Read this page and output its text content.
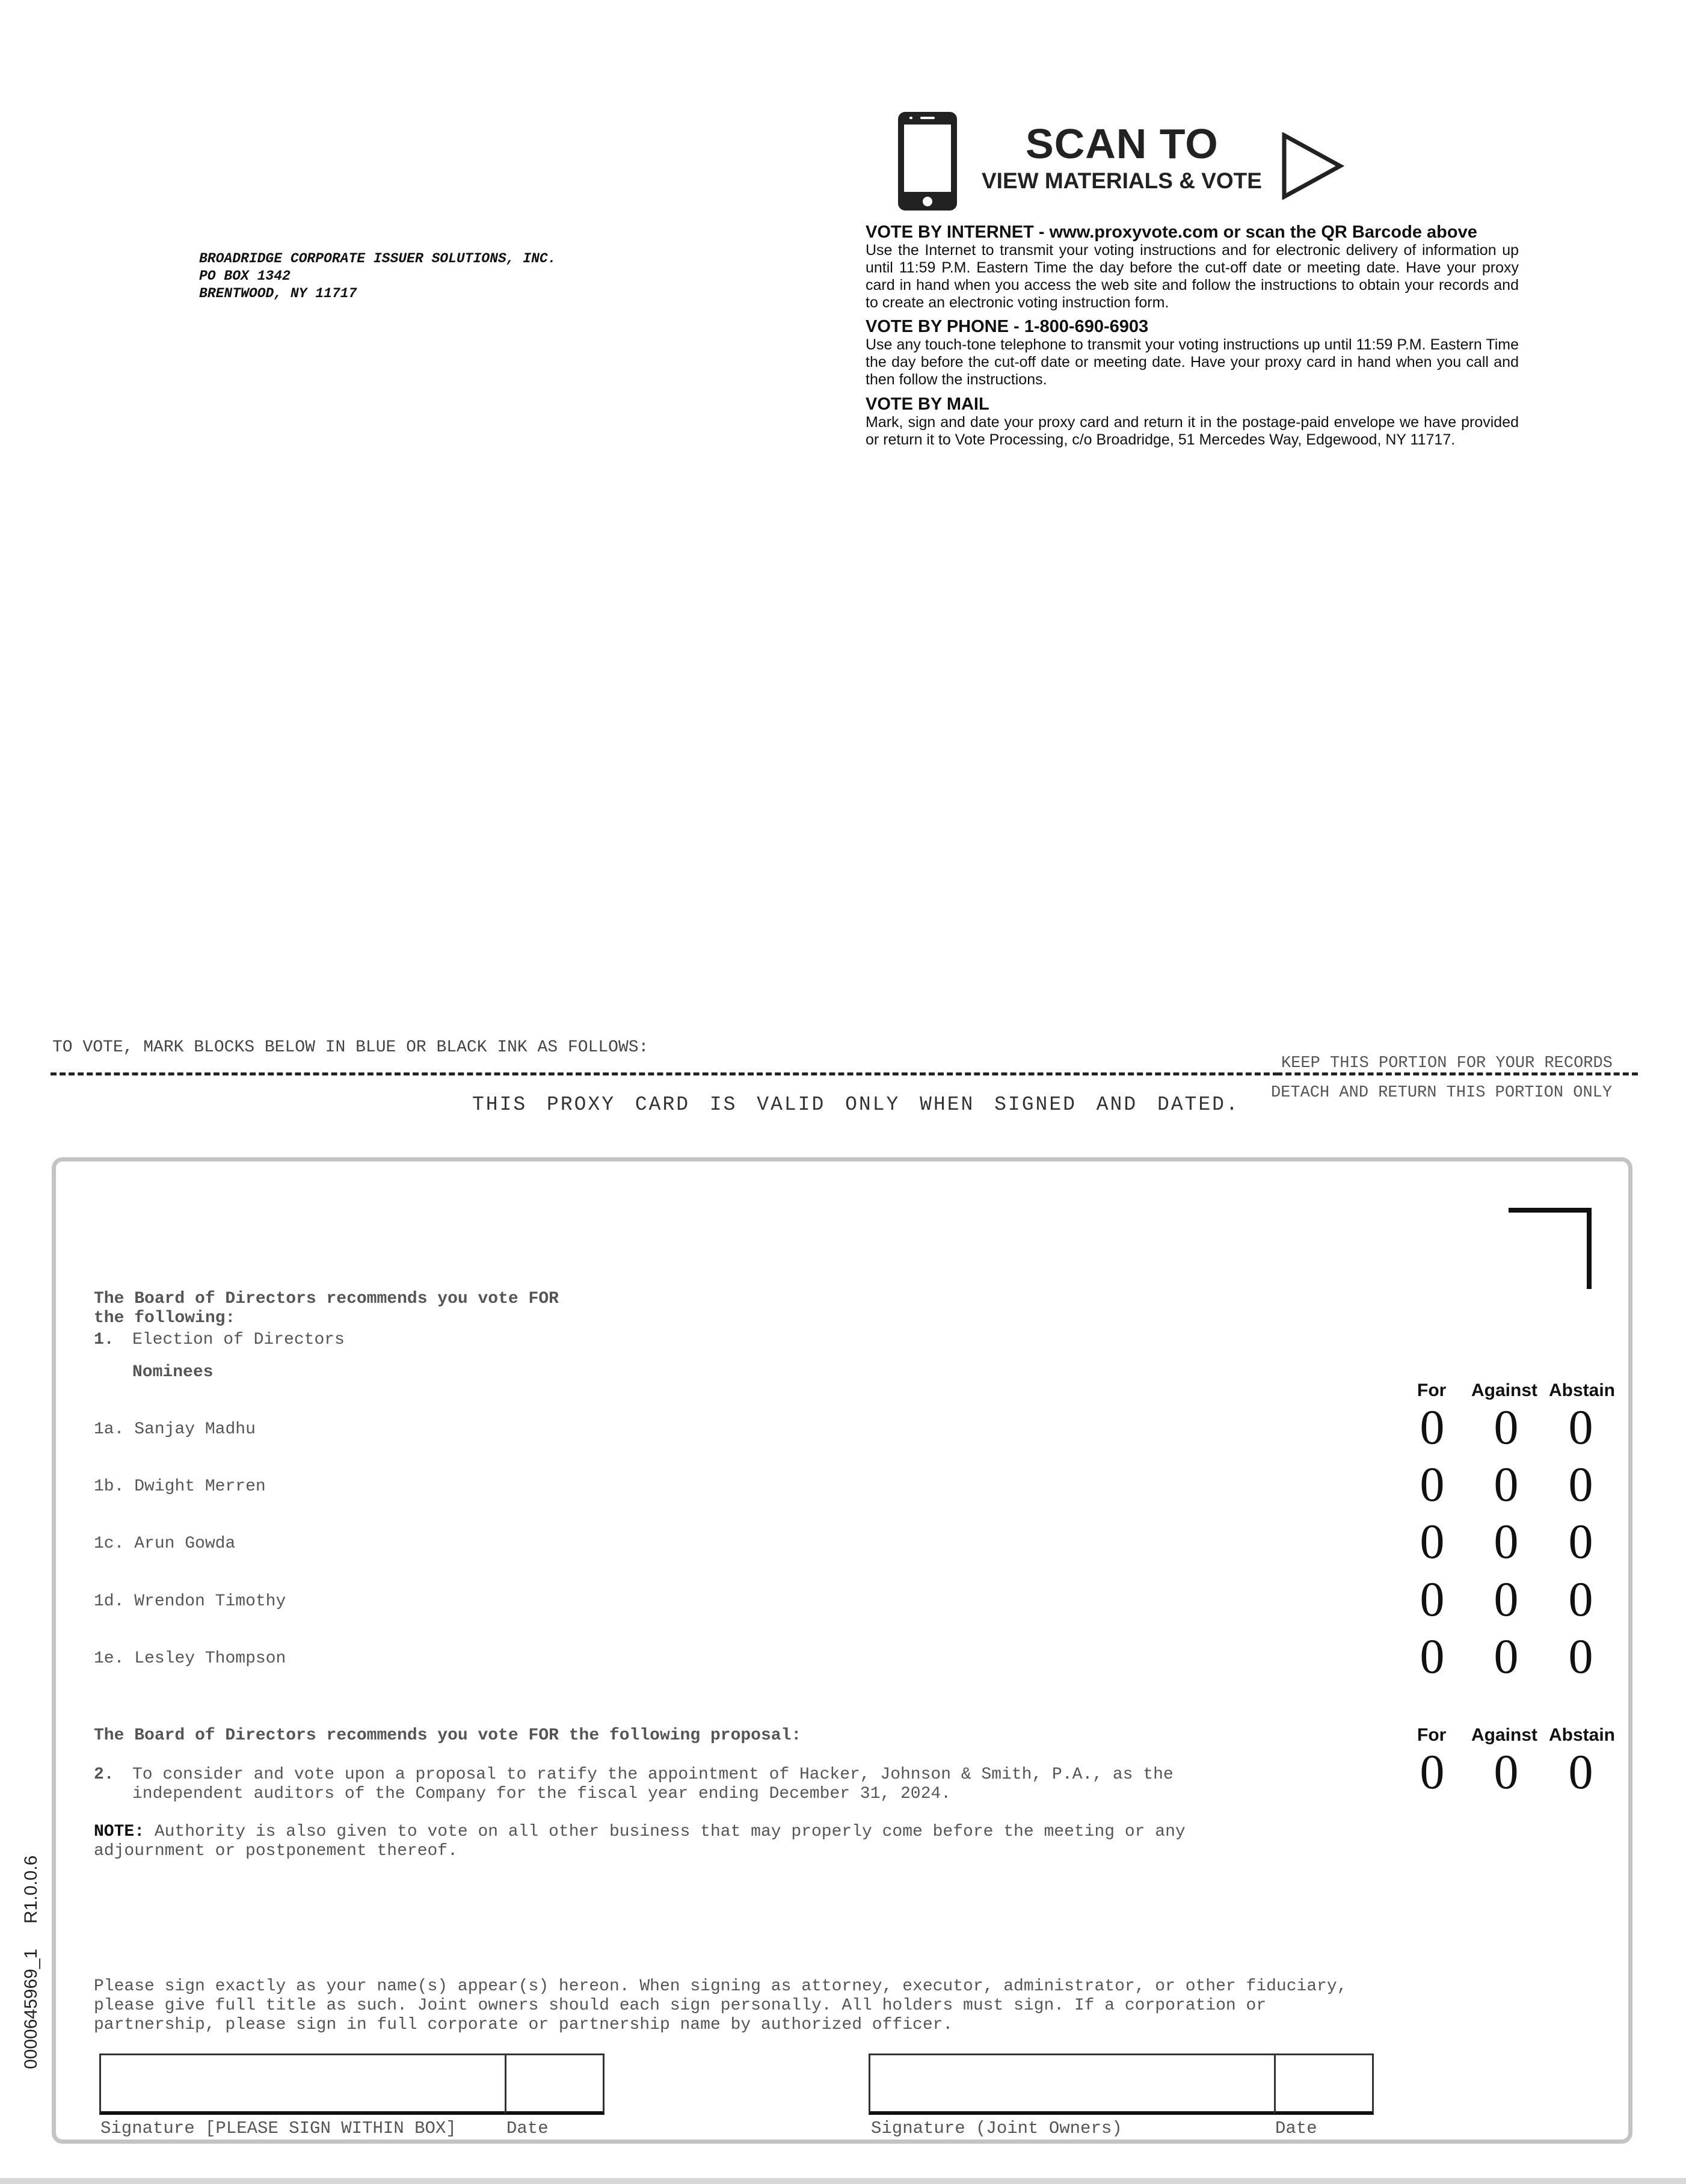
BROADRIDGE CORPORATE ISSUER SOLUTIONS, INC.
PO BOX 1342
BRENTWOOD, NY 11717
SCAN TO
VIEW MATERIALS & VOTE

VOTE BY INTERNET - www.proxyvote.com or scan the QR Barcode above

Use the Internet to transmit your voting instructions and for electronic delivery of information up until 11:59 P.M. Eastern Time the day before the cut-off date or meeting date. Have your proxy card in hand when you access the web site and follow the instructions to obtain your records and to create an electronic voting instruction form.

VOTE BY PHONE - 1-800-690-6903

Use any touch-tone telephone to transmit your voting instructions up until 11:59 P.M. Eastern Time the day before the cut-off date or meeting date. Have your proxy card in hand when you call and then follow the instructions.

VOTE BY MAIL

Mark, sign and date your proxy card and return it in the postage-paid envelope we have provided or return it to Vote Processing, c/o Broadridge, 51 Mercedes Way, Edgewood, NY 11717.

TO VOTE, MARK BLOCKS BELOW IN BLUE OR BLACK INK AS FOLLOWS:
KEEP THIS PORTION FOR YOUR RECORDS
DETACH AND RETURN THIS PORTION ONLY
THIS PROXY CARD IS VALID ONLY WHEN SIGNED AND DATED.
The Board of Directors recommends you vote FOR
the following:
1. Election of Directors
Nominees
For Against Abstain
1a. Sanjay Madhu	0 0 0
1b. Dwight Merren	0 0 0
1c. Arun Gowda	0 0 0
1d. Wrendon Timothy	0 0 0
1e. Lesley Thompson	0 0 0
The Board of Directors recommends you vote FOR the following proposal:	For Against Abstain
2. To consider and vote upon a proposal to ratify the appointment of Hacker, Johnson & Smith, P.A., as the
independent auditors of the Company for the fiscal year ending December 31, 2024.	0 0 0
NOTE: Authority is also given to vote on all other business that may properly come before the meeting or any
adjournment or postponement thereof.
Please sign exactly as your name(s) appear(s) hereon. When signing as attorney, executor, administrator, or other fiduciary,
please give full title as such. Joint owners should each sign personally. All holders must sign. If a corporation or
partnership, please sign in full corporate or partnership name by authorized officer.
Signature [PLEASE SIGN WITHIN BOX]	Date	Signature (Joint Owners)	Date
0000645969_1     R1.0.0.6
